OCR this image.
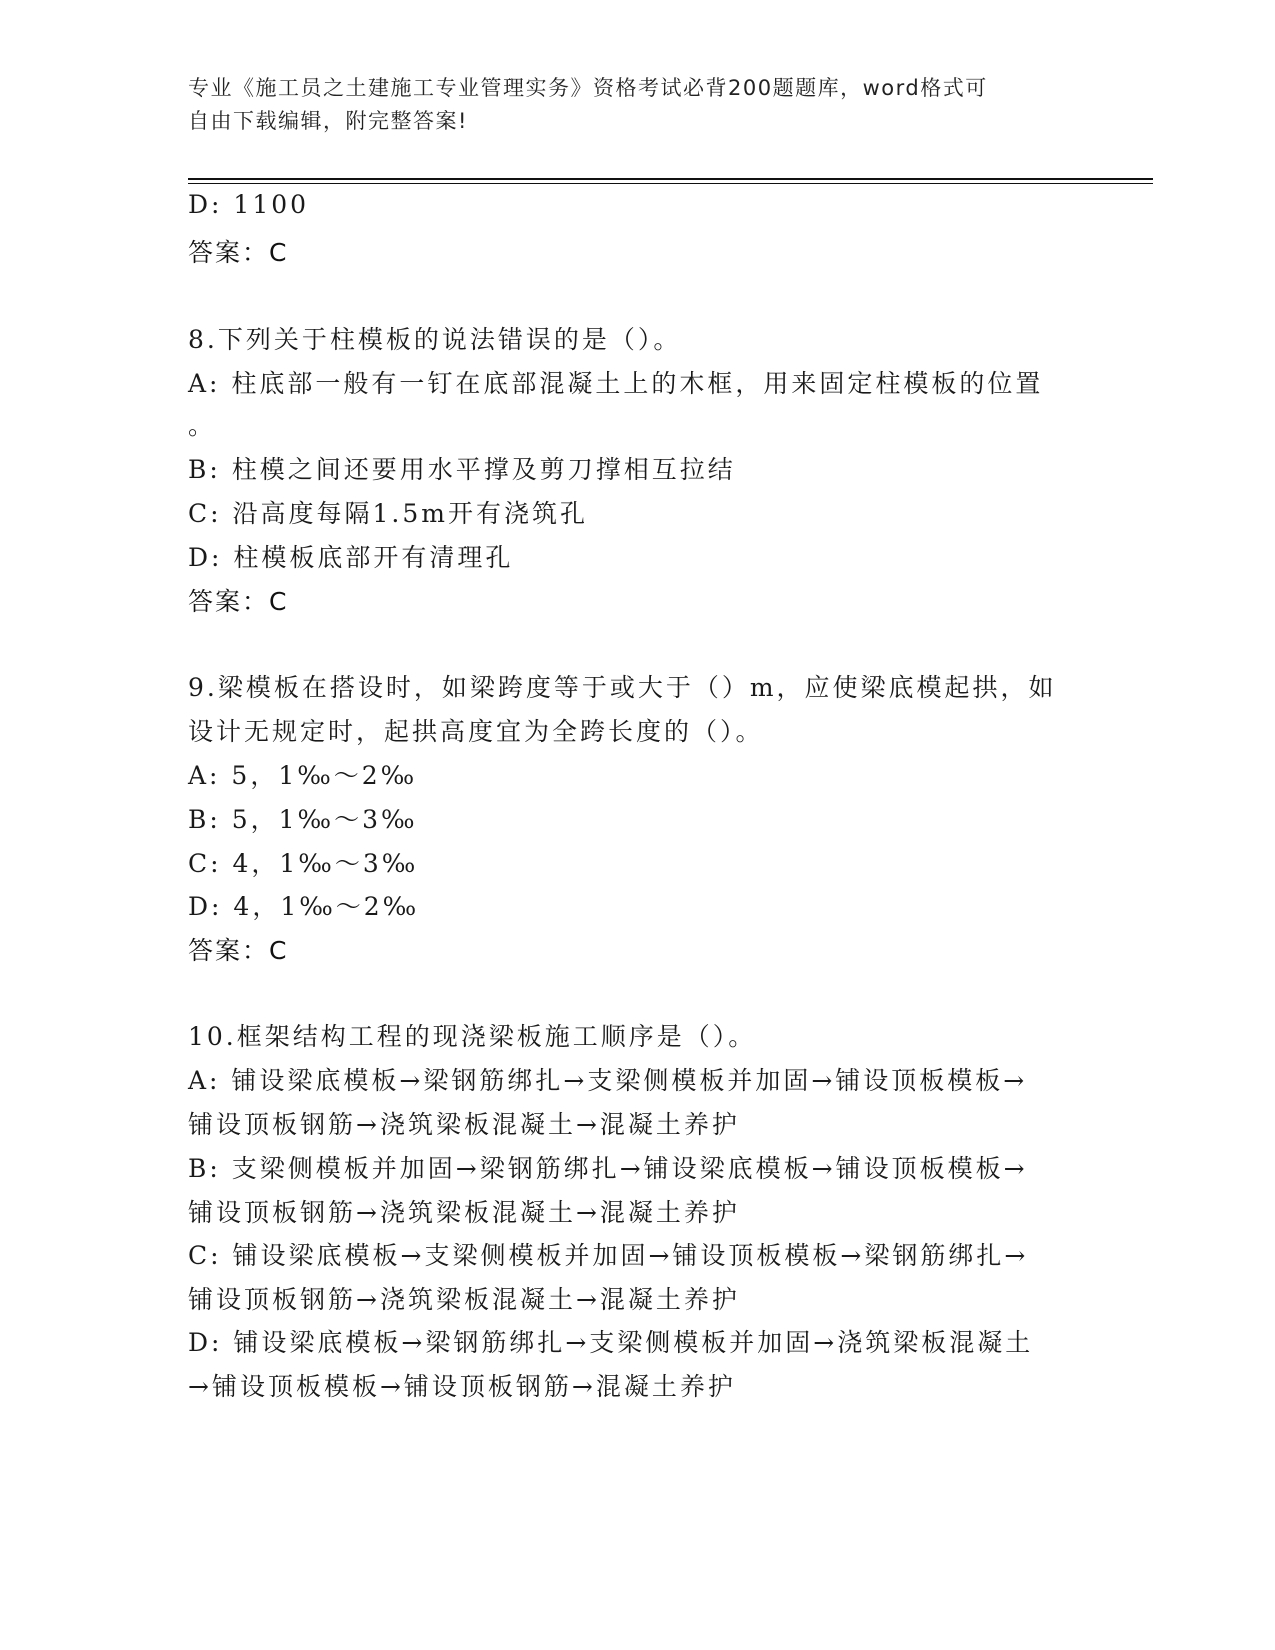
专业《施工员之土建施工专业管理实务》资格考试必背200题题库，word格式可
自由下载编辑，附完整答案!
D: 1100
答案：C
8.下列关于柱模板的说法错误的是（）。
A: 柱底部一般有一钉在底部混凝土上的木框，用来固定柱模板的位置
。
B: 柱模之间还要用水平撑及剪刀撑相互拉结
C: 沿高度每隔1.5m开有浇筑孔
D: 柱模板底部开有清理孔
答案：C
9.梁模板在搭设时，如梁跨度等于或大于（）m，应使梁底模起拱，如
设计无规定时，起拱高度宜为全跨长度的（）。
A: 5，1‰～2‰
B: 5，1‰～3‰
C: 4，1‰～3‰
D: 4，1‰～2‰
答案：C
10.框架结构工程的现浇梁板施工顺序是（）。
A: 铺设梁底模板→梁钢筋绑扎→支梁侧模板并加固→铺设顶板模板→
铺设顶板钢筋→浇筑梁板混凝土→混凝土养护
B: 支梁侧模板并加固→梁钢筋绑扎→铺设梁底模板→铺设顶板模板→
铺设顶板钢筋→浇筑梁板混凝土→混凝土养护
C: 铺设梁底模板→支梁侧模板并加固→铺设顶板模板→梁钢筋绑扎→
铺设顶板钢筋→浇筑梁板混凝土→混凝土养护
D: 铺设梁底模板→梁钢筋绑扎→支梁侧模板并加固→浇筑梁板混凝土
→铺设顶板模板→铺设顶板钢筋→混凝土养护
